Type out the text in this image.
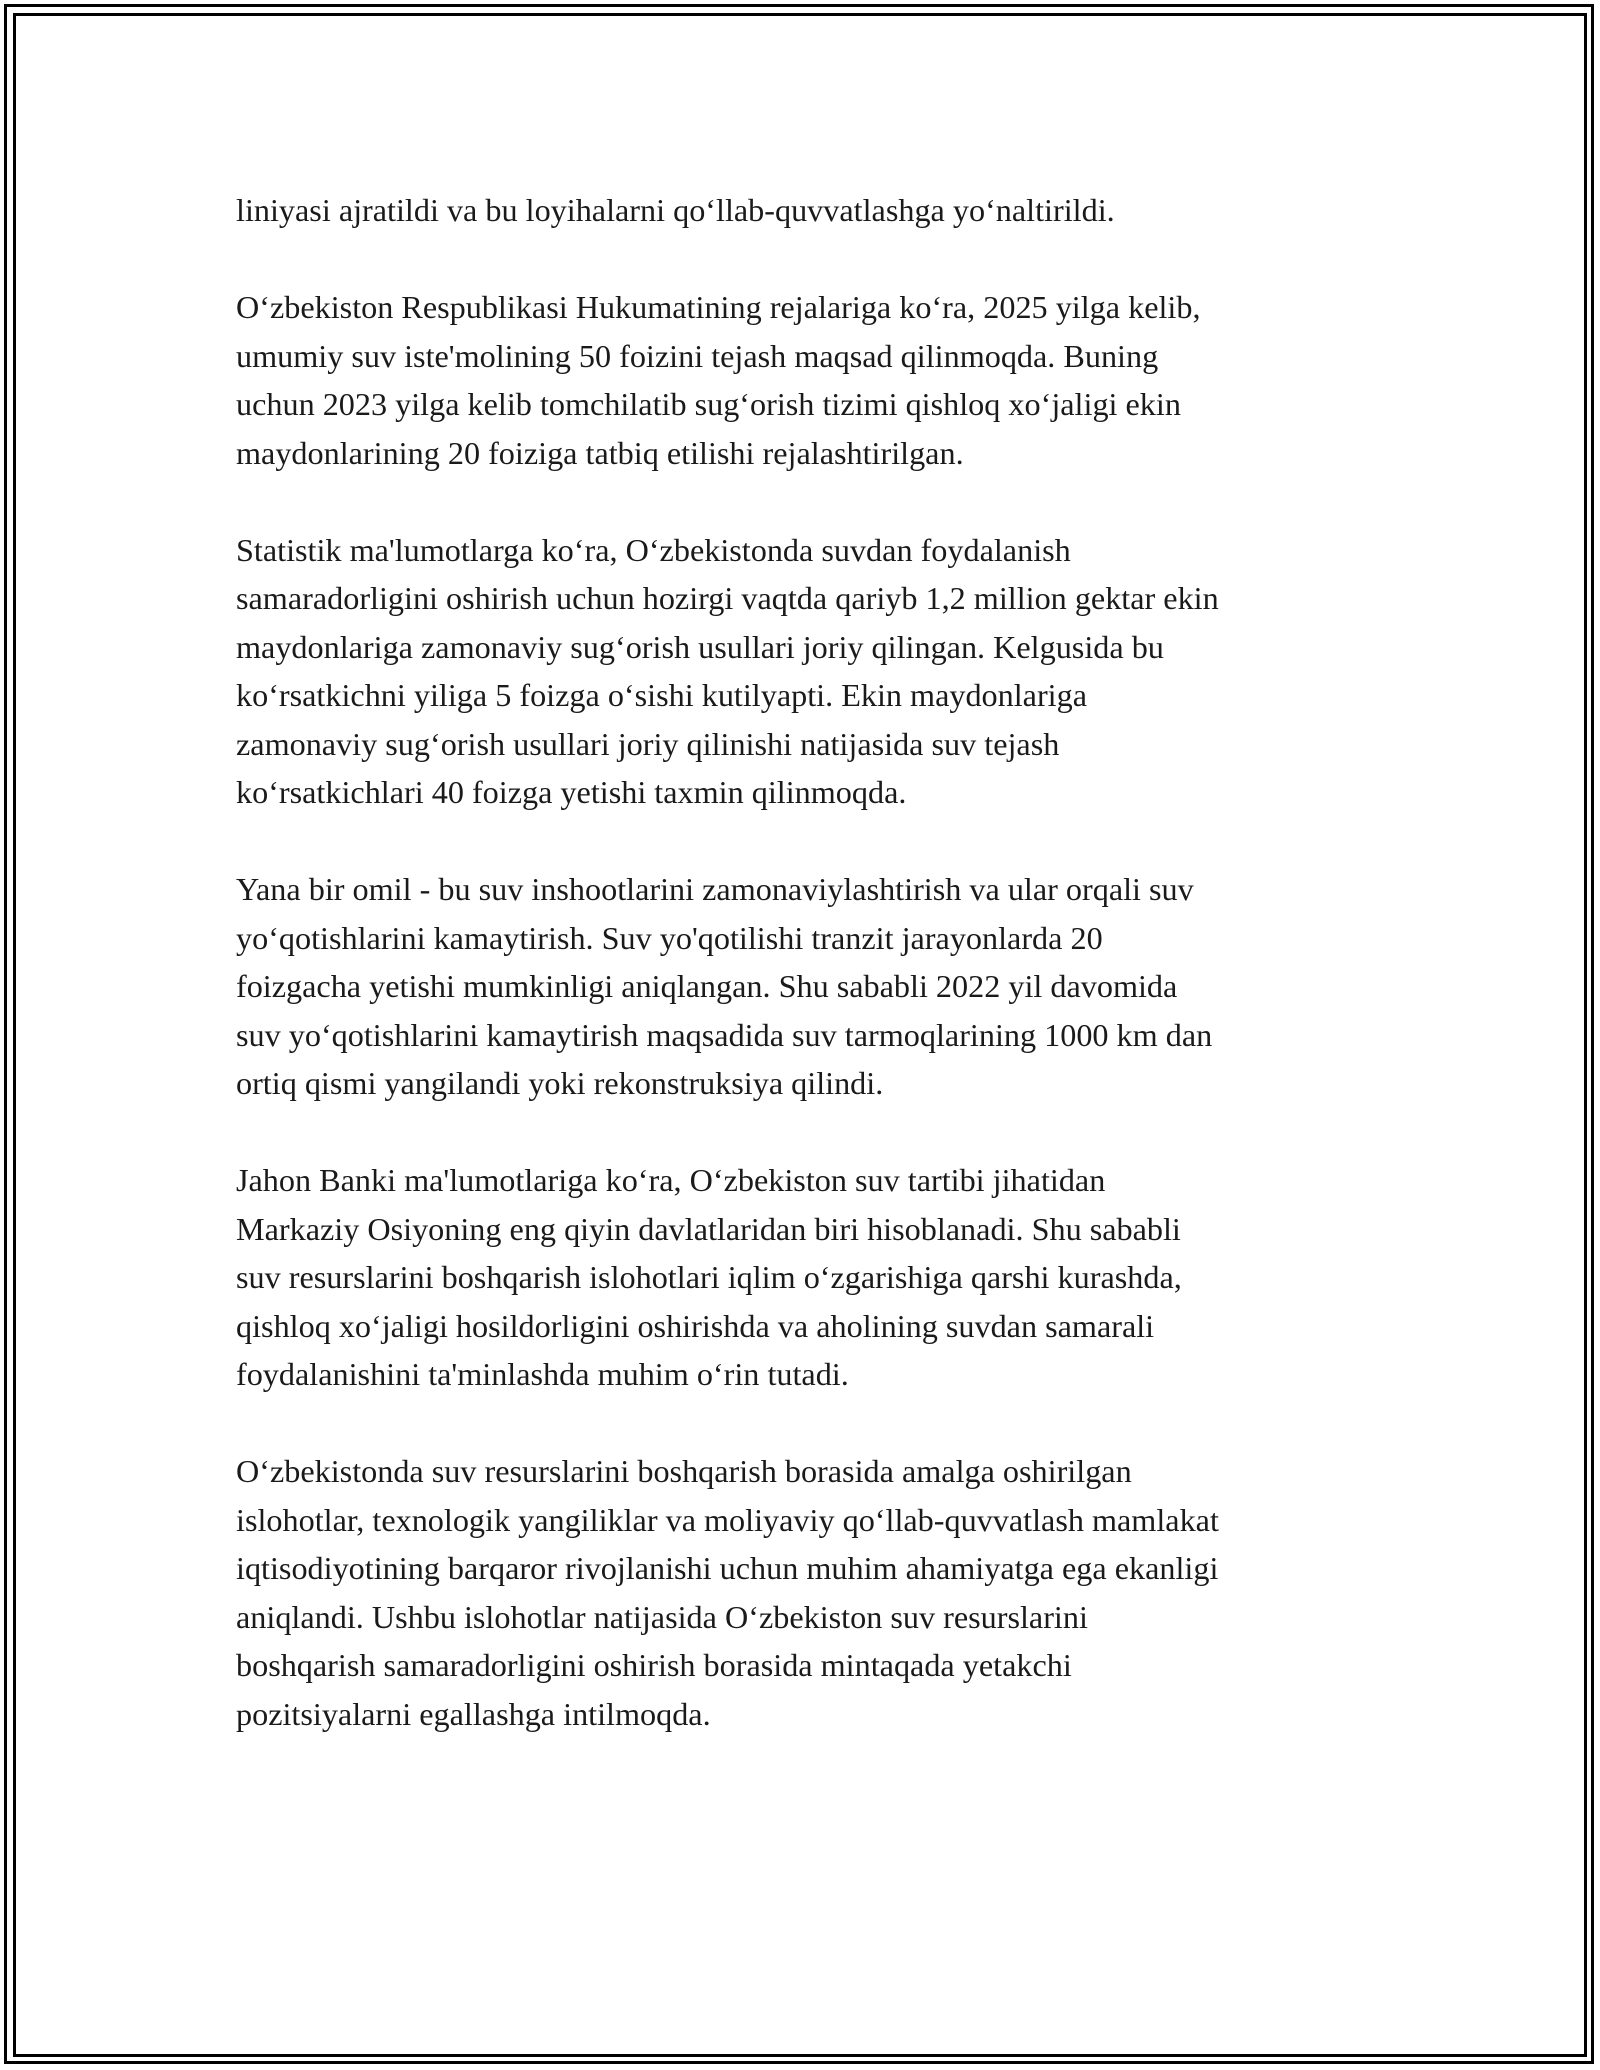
liniyasi ajratildi va bu loyihalarni qoʻllab-quvvatlashga yoʻnaltirildi.

Oʻzbekiston Respublikasi Hukumatining rejalariga koʻra, 2025 yilga kelib,
umumiy suv iste'molining 50 foizini tejash maqsad qilinmoqda. Buning
uchun 2023 yilga kelib tomchilatib sugʻorish tizimi qishloq xoʻjaligi ekin
maydonlarining 20 foiziga tatbiq etilishi rejalashtirilgan.

Statistik ma'lumotlarga koʻra, Oʻzbekistonda suvdan foydalanish
samaradorligini oshirish uchun hozirgi vaqtda qariyb 1,2 million gektar ekin
maydonlariga zamonaviy sugʻorish usullari joriy qilingan. Kelgusida bu
koʻrsatkichni yiliga 5 foizga oʻsishi kutilyapti. Ekin maydonlariga
zamonaviy sugʻorish usullari joriy qilinishi natijasida suv tejash
koʻrsatkichlari 40 foizga yetishi taxmin qilinmoqda.

Yana bir omil - bu suv inshootlarini zamonaviylashtirish va ular orqali suv
yoʻqotishlarini kamaytirish. Suv yo'qotilishi tranzit jarayonlarda 20
foizgacha yetishi mumkinligi aniqlangan. Shu sababli 2022 yil davomida
suv yoʻqotishlarini kamaytirish maqsadida suv tarmoqlarining 1000 km dan
ortiq qismi yangilandi yoki rekonstruksiya qilindi.

Jahon Banki ma'lumotlariga koʻra, Oʻzbekiston suv tartibi jihatidan
Markaziy Osiyoning eng qiyin davlatlaridan biri hisoblanadi. Shu sababli
suv resurslarini boshqarish islohotlari iqlim oʻzgarishiga qarshi kurashda,
qishloq xoʻjaligi hosildorligini oshirishda va aholining suvdan samarali
foydalanishini ta'minlashda muhim oʻrin tutadi.

Oʻzbekistonda suv resurslarini boshqarish borasida amalga oshirilgan
islohotlar, texnologik yangiliklar va moliyaviy qoʻllab-quvvatlash mamlakat
iqtisodiyotining barqaror rivojlanishi uchun muhim ahamiyatga ega ekanligi
aniqlandi. Ushbu islohotlar natijasida Oʻzbekiston suv resurslarini
boshqarish samaradorligini oshirish borasida mintaqada yetakchi
pozitsiyalarni egallashga intilmoqda.
